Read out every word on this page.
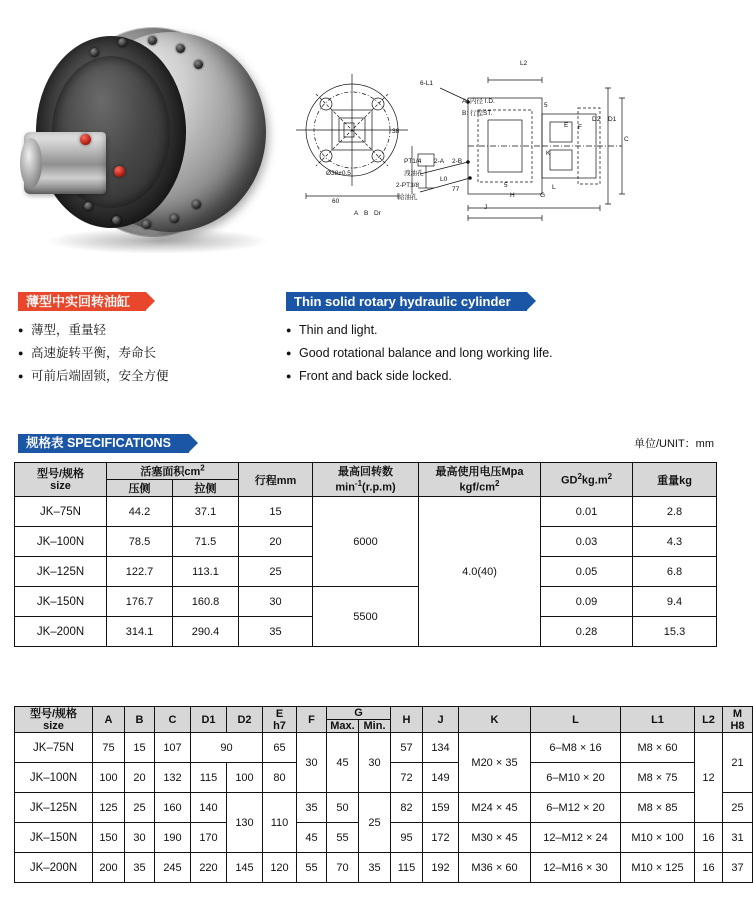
L2
6-L1
A: 内径 I.D.
B: 行程ST.
5
D2 D1
C
E F
38
K
PT1/4
洩油孔
2-B
2-A
L0
2-PT3/8
給油孔
77
5	L
H	G
J
Ø38±0.5
60
A B Dr
薄型中实回转油缸
● 薄型，重量轻
● 高速旋转平衡，寿命长
● 可前后端固锁，安全方便
Thin solid rotary hydraulic cylinder
● Thin and light.
● Good rotational balance and long working life.
● Front and back side locked.
规格表 SPECIFICATIONS	单位/UNIT：mm
型号/规格
size	活塞面积$cm^2$		行程mm	最高回转数
$\min^{-1}(r.p.m)$	最高使用电压Mpa
kgf/$cm^2$	$GD^2kg.m^2$	重量kg
	压侧	拉侧					
JK–75N	44.2	37.1	15	6000	4.0(40)	0.01	2.8
JK–100N	78.5	71.5	20			0.03	4.3
JK–125N	122.7	113.1	25			0.05	6.8
JK–150N	176.7	160.8	30	5500		0.09	9.4
JK–200N	314.1	290.4	35			0.28	15.3
型号/规格
size	A	B	C	D1	D2	E
h7	F	G		H	J	K	L	L1	L2	M
H8

								Max.	Min.							
JK–75N	75	15	107	90		65	30	45	30	57	134	M20 × 35	6–M8 × 16	M8 × 60	12	21
JK–100N	100	20	132	115	100	80				72	149		6–M10 × 20	M8 × 75		
JK–125N	125	25	160	140	130	110	35	50	25	82	159	M24 × 45	6–M12 × 20	M8 × 85		25
JK–150N	150	30	190	170			45	55		95	172	M30 × 45	12–M12 × 24	M10 × 100	16	31
JK–200N	200	35	245	220	145	120	55	70	35	115	192	M36 × 60	12–M16 × 30	M10 × 125	16	37
